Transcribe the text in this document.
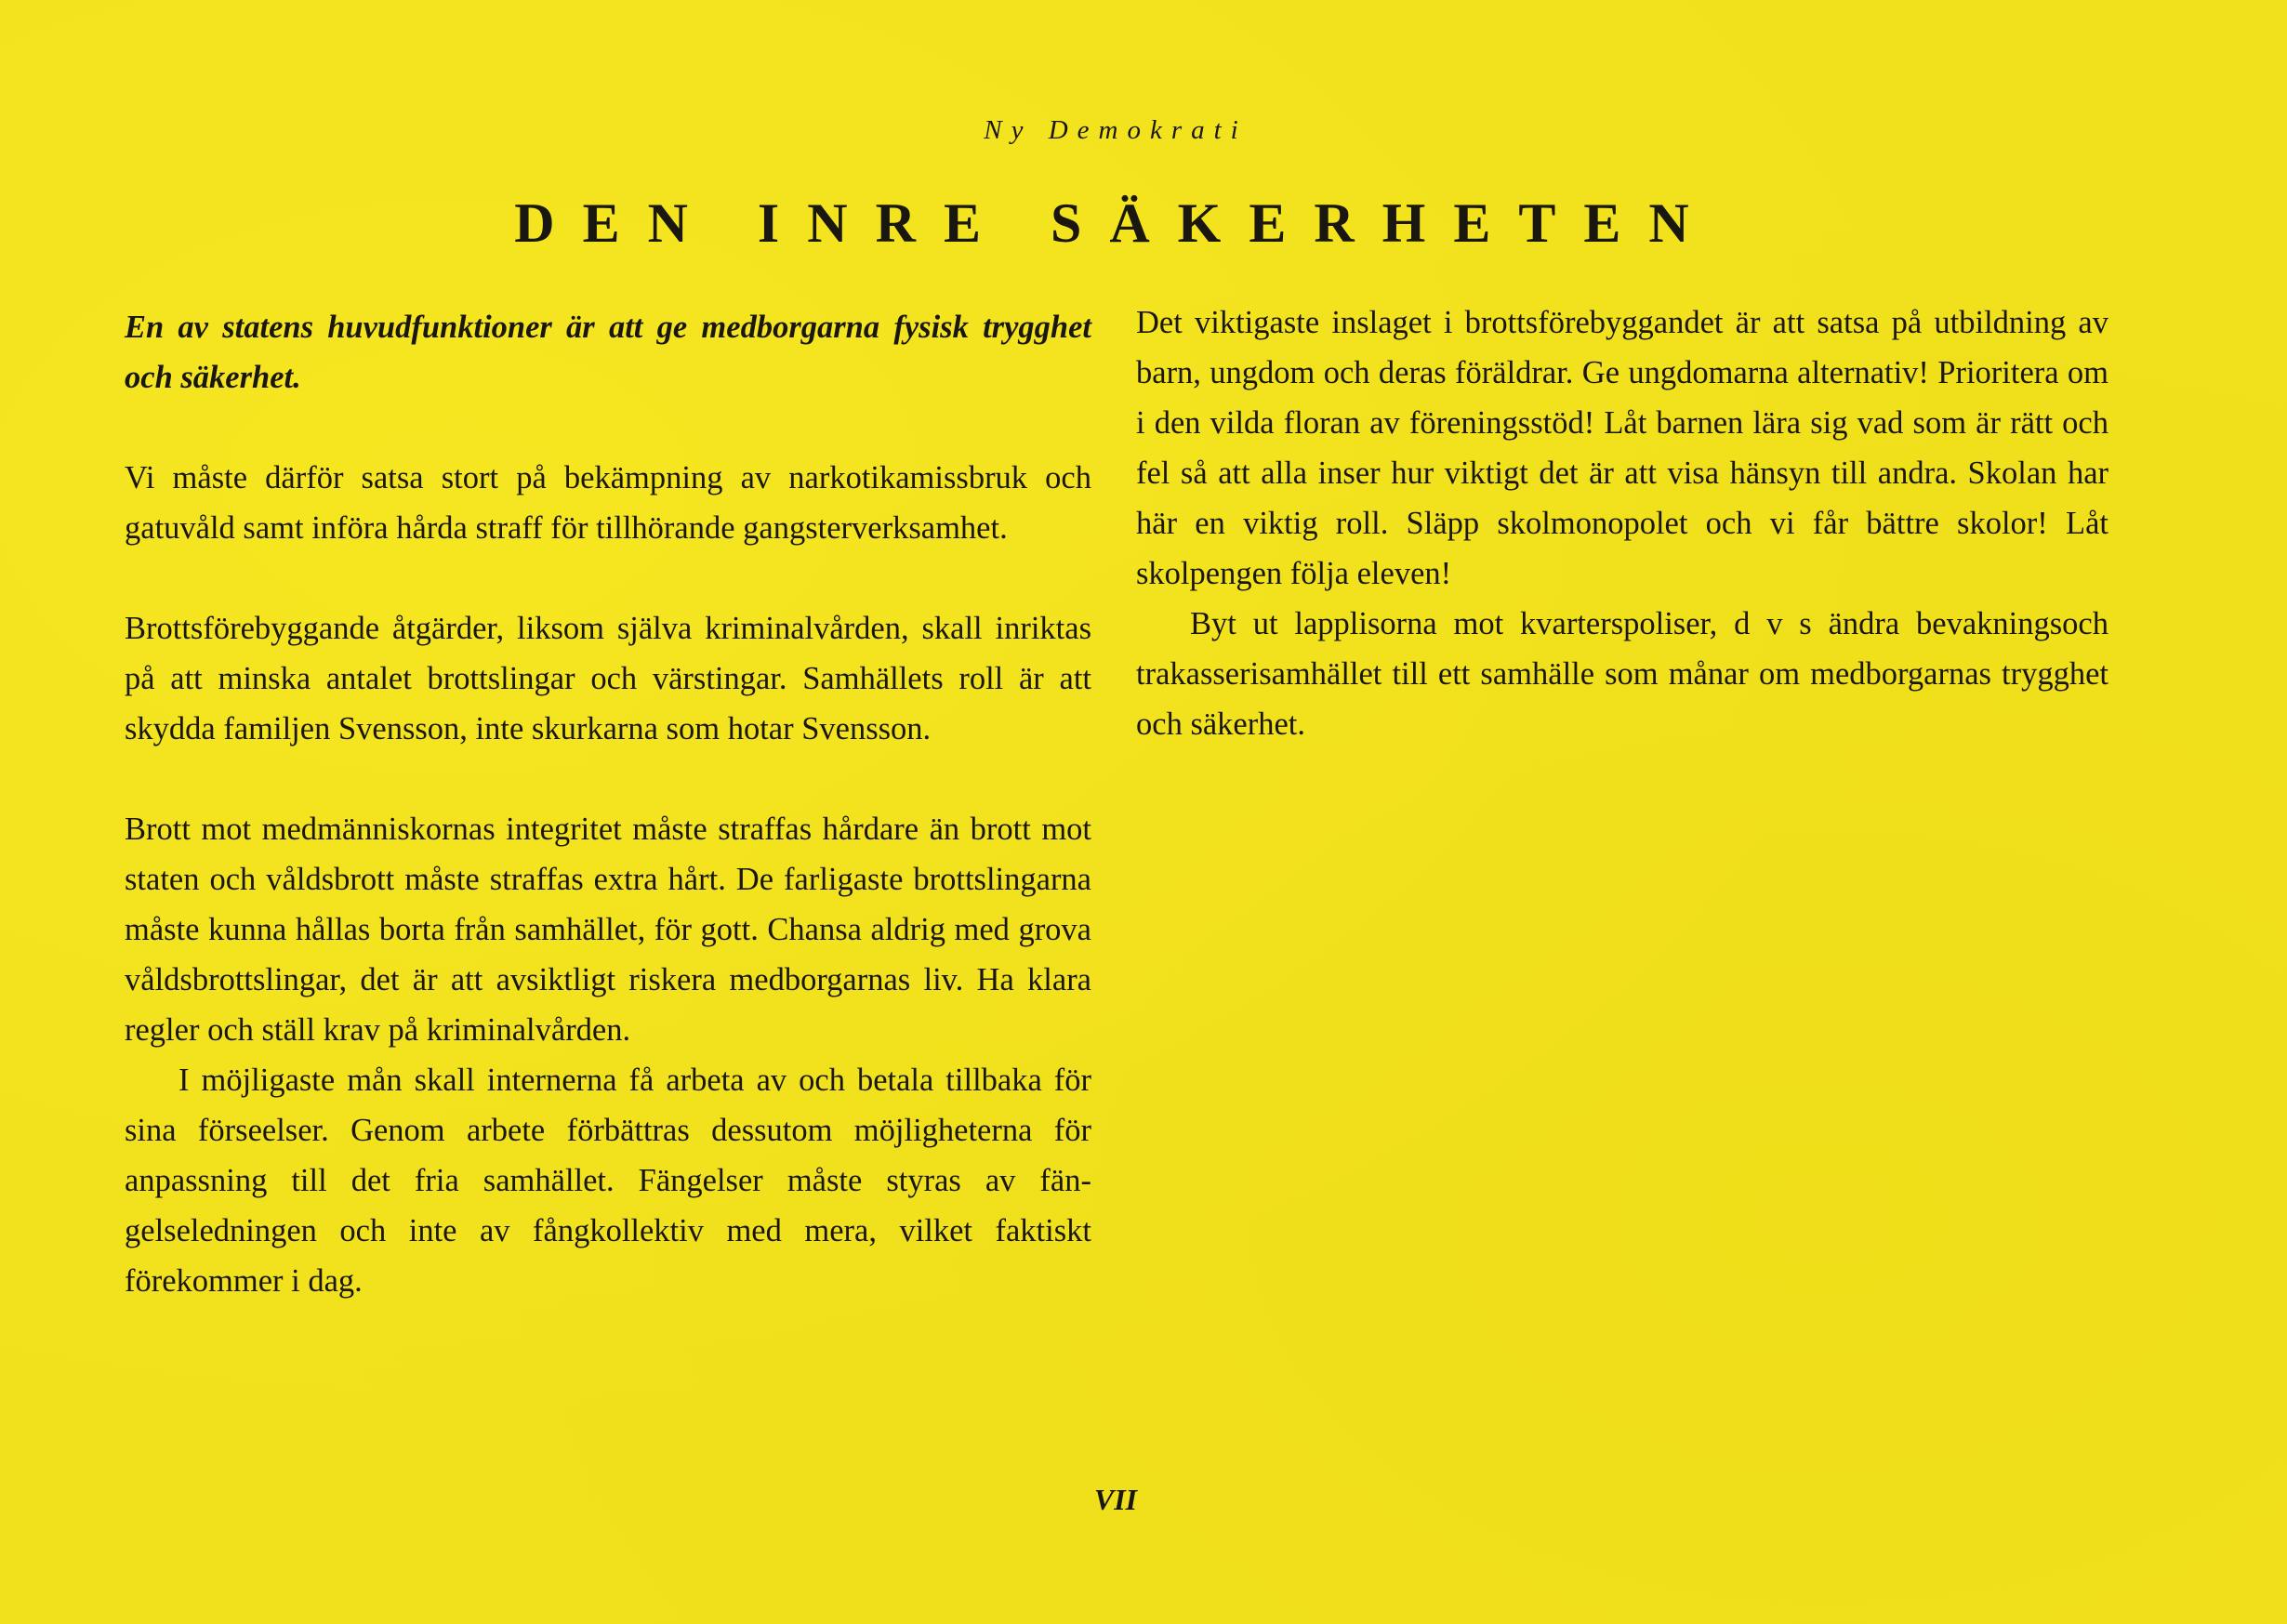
Ny Demokrati

DEN INRE SÄKERHETEN

En av statens huvudfunktioner är att ge medborgarna fysisk trygghet och säkerhet.

Vi måste därför satsa stort på bekämpning av narkotikamissbruk och gatuvåld samt införa hårda straff för tillhörande gangsterverksamhet.

Brottsförebyggande åtgärder, liksom själva kriminalvården, skall inriktas på att minska antalet brottslingar och värstingar. Samhällets roll är att skydda familjen Svensson, inte skurkarna som hotar Svensson.

Brott mot medmänniskornas integritet måste straffas hårdare än brott mot staten och våldsbrott måste straffas extra hårt. De farligaste brottslingarna måste kunna hållas borta från samhället, för gott. Chansa aldrig med grova våldsbrottslingar, det är att avsiktligt riskera medborgarnas liv. Ha klara regler och ställ krav på kriminalvården.

I möjligaste mån skall internerna få arbeta av och betala tillbaka för sina förseelser. Genom arbete förbättras dessutom möjligheterna för anpassning till det fria samhället. Fängelser måste styras av fängelseledningen och inte av fångkollektiv med mera, vilket faktiskt förekommer i dag.

Det viktigaste inslaget i brottsförebyggandet är att satsa på utbildning av barn, ungdom och deras föräldrar. Ge ungdomarna alternativ! Prioritera om i den vilda floran av föreningsstöd! Låt barnen lära sig vad som är rätt och fel så att alla inser hur viktigt det är att visa hänsyn till andra. Skolan har här en viktig roll. Släpp skolmonopolet och vi får bättre skolor! Låt skolpengen följa eleven!

Byt ut lapplisorna mot kvarterspoliser, d v s ändra bevakningsoch trakasserisamhället till ett samhälle som månar om medborgarnas trygghet och säkerhet.

VII
